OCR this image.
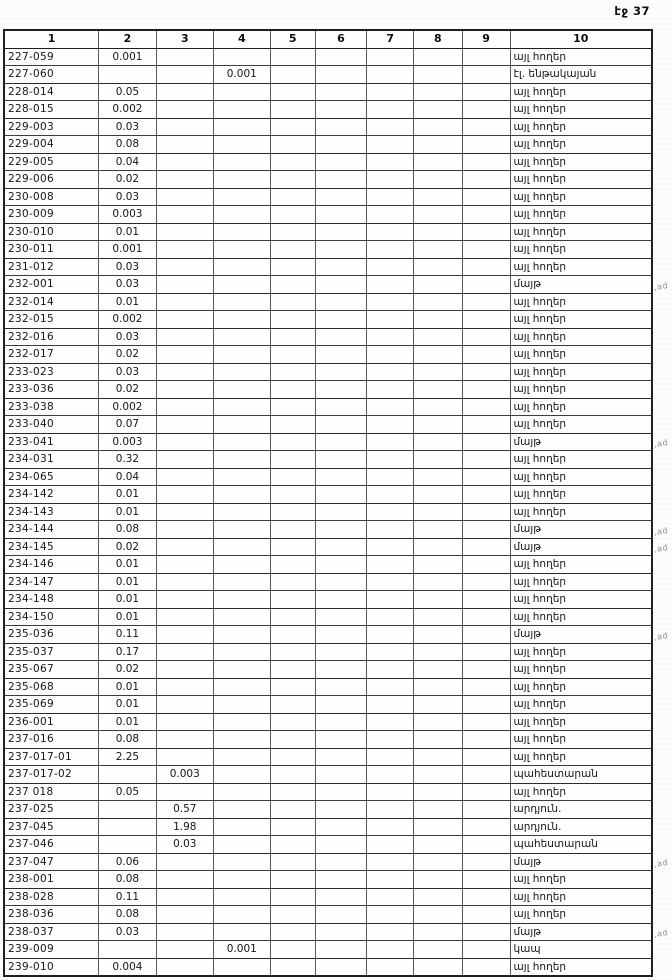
էջ 37
1	2	3	4	5	6	7	8	9	10
227-059	0.001								այլ հողեր
227-060			0.001						էլ. ենթակայան
228-014	0.05								այլ հողեր
228-015	0.002								այլ հողեր
229-003	0.03								այլ հողեր
229-004	0.08								այլ հողեր
229-005	0.04								այլ հողեր
229-006	0.02								այլ հողեր
230-008	0.03								այլ հողեր
230-009	0.003								այլ հողեր
230-010	0.01								այլ հողեր
230-011	0.001								այլ հողեր
231-012	0.03								այլ հողեր
232-001	0.03								մայթ
232-014	0.01								այլ հողեր
232-015	0.002								այլ հողեր
232-016	0.03								այլ հողեր
232-017	0.02								այլ հողեր
233-023	0.03								այլ հողեր
233-036	0.02								այլ հողեր
233-038	0.002								այլ հողեր
233-040	0.07								այլ հողեր
233-041	0.003								մայթ
234-031	0.32								այլ հողեր
234-065	0.04								այլ հողեր
234-142	0.01								այլ հողեր
234-143	0.01								այլ հողեր
234-144	0.08								մայթ
234-145	0.02								մայթ
234-146	0.01								այլ հողեր
234-147	0.01								այլ հողեր
234-148	0.01								այլ հողեր
234-150	0.01								այլ հողեր
235-036	0.11								մայթ
235-037	0.17								այլ հողեր
235-067	0.02								այլ հողեր
235-068	0.01								այլ հողեր
235-069	0.01								այլ հողեր
236-001	0.01								այլ հողեր
237-016	0.08								այլ հողեր
237-017-01	2.25								այլ հողեր
237-017-02		0.003							պահեստարան
237 018	0.05								այլ հողեր
237-025		0.57							արդյուն.
237-045		1.98							արդյուն.
237-046		0.03							պահեստարան
237-047	0.06								մայթ
238-001	0.08								այլ հողեր
238-028	0.11								այլ հողեր
238-036	0.08								այլ հողեր
238-037	0.03								մայթ
239-009			0.001						կապ
239-010	0.004								այլ հողեր
,ad
,ad
,ad
,ad
,ad
,ad
,ad
